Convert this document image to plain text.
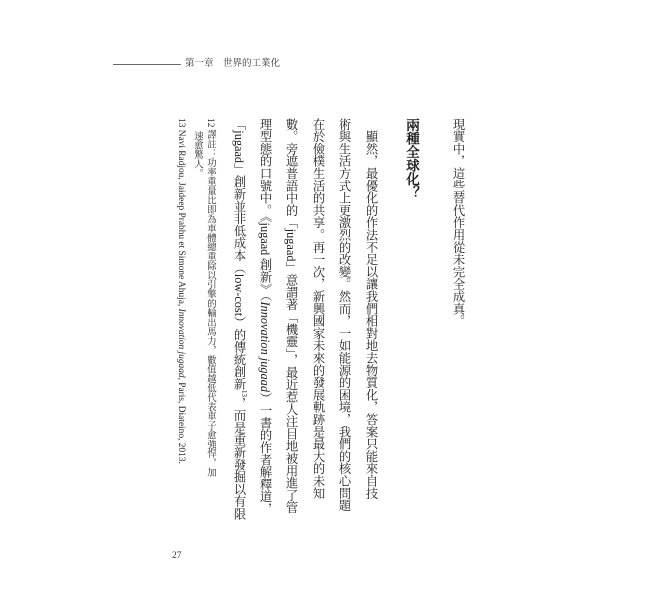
第一章　世界的工業化
現實中，這些替代作用從未完全成真。
兩種全球化？
　顯然，最優化的作法不足以讓我們相對地去物質化，答案只能來自技
術與生活方式上更激烈的改變。然而，一如能源的困境，我們的核心問題
在於儉樸生活的共享。再一次，新興國家未來的發展軌跡是最大的未知
數。旁遮普語中的「jugaad」意謂著「機靈」，最近惹人注目地被用進了管
理型態的口號中。《jugaad 創新》（Innovation jugaad）一書的作者解釋道，
「jugaad」創新並非低成本（low-cost）的傳統創新$^{13}$，而是重新發掘以有限
12 譯註：功率重量比即為車體總重除以引擎的輸出馬力，數值越低代表車子愈強悍，加
速愈驚人。
13 Navi Radjou, Jaideep Prabhu et Simone Ahuja, Innovation jugaad, Paris, Diateino, 2013.
27
